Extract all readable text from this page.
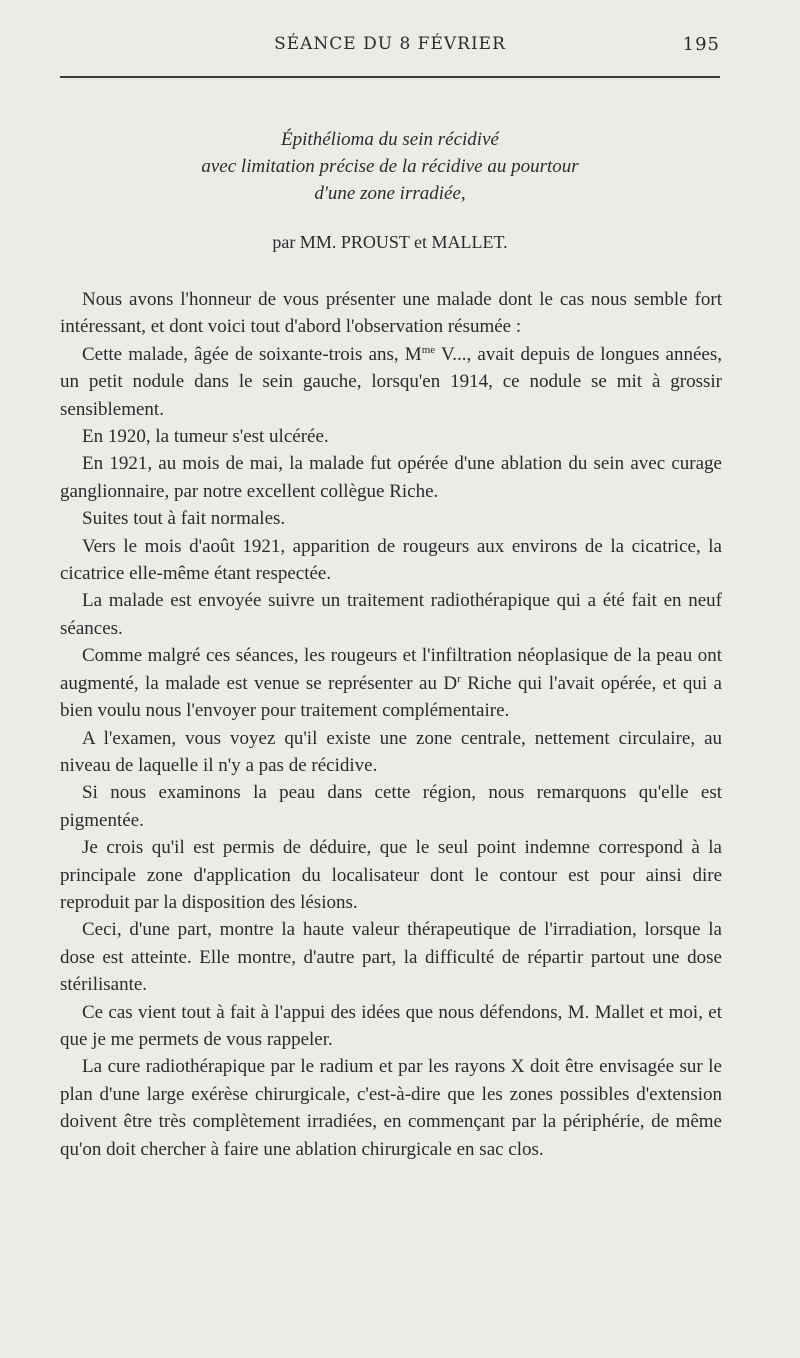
SÉANCE DU 8 FÉVRIER	195
Épithélioma du sein récidivé
avec limitation précise de la récidive au pourtour
d'une zone irradiée,
par MM. PROUST et MALLET.

Nous avons l'honneur de vous présenter une malade dont le cas nous semble fort intéressant, et dont voici tout d'abord l'observation résumée :

Cette malade, âgée de soixante-trois ans, $M^{me}$ V..., avait depuis de longues années, un petit nodule dans le sein gauche, lorsqu'en 1914, ce nodule se mit à grossir sensiblement.

En 1920, la tumeur s'est ulcérée.

En 1921, au mois de mai, la malade fut opérée d'une ablation du sein avec curage ganglionnaire, par notre excellent collègue Riche.

Suites tout à fait normales.

Vers le mois d'août 1921, apparition de rougeurs aux environs de la cicatrice, la cicatrice elle-même étant respectée.

La malade est envoyée suivre un traitement radiothérapique qui a été fait en neuf séances.

Comme malgré ces séances, les rougeurs et l'infiltration néoplasique de la peau ont augmenté, la malade est venue se représenter au $D^r$ Riche qui l'avait opérée, et qui a bien voulu nous l'envoyer pour traitement complémentaire.

A l'examen, vous voyez qu'il existe une zone centrale, nettement circulaire, au niveau de laquelle il n'y a pas de récidive.

Si nous examinons la peau dans cette région, nous remarquons qu'elle est pigmentée.

Je crois qu'il est permis de déduire, que le seul point indemne correspond à la principale zone d'application du localisateur dont le contour est pour ainsi dire reproduit par la disposition des lésions.

Ceci, d'une part, montre la haute valeur thérapeutique de l'irradiation, lorsque la dose est atteinte. Elle montre, d'autre part, la difficulté de répartir partout une dose stérilisante.

Ce cas vient tout à fait à l'appui des idées que nous défendons, M. Mallet et moi, et que je me permets de vous rappeler.

La cure radiothérapique par le radium et par les rayons X doit être envisagée sur le plan d'une large exérèse chirurgicale, c'est-à-dire que les zones possibles d'extension doivent être très complètement irradiées, en commençant par la périphérie, de même qu'on doit chercher à faire une ablation chirurgicale en sac clos.
